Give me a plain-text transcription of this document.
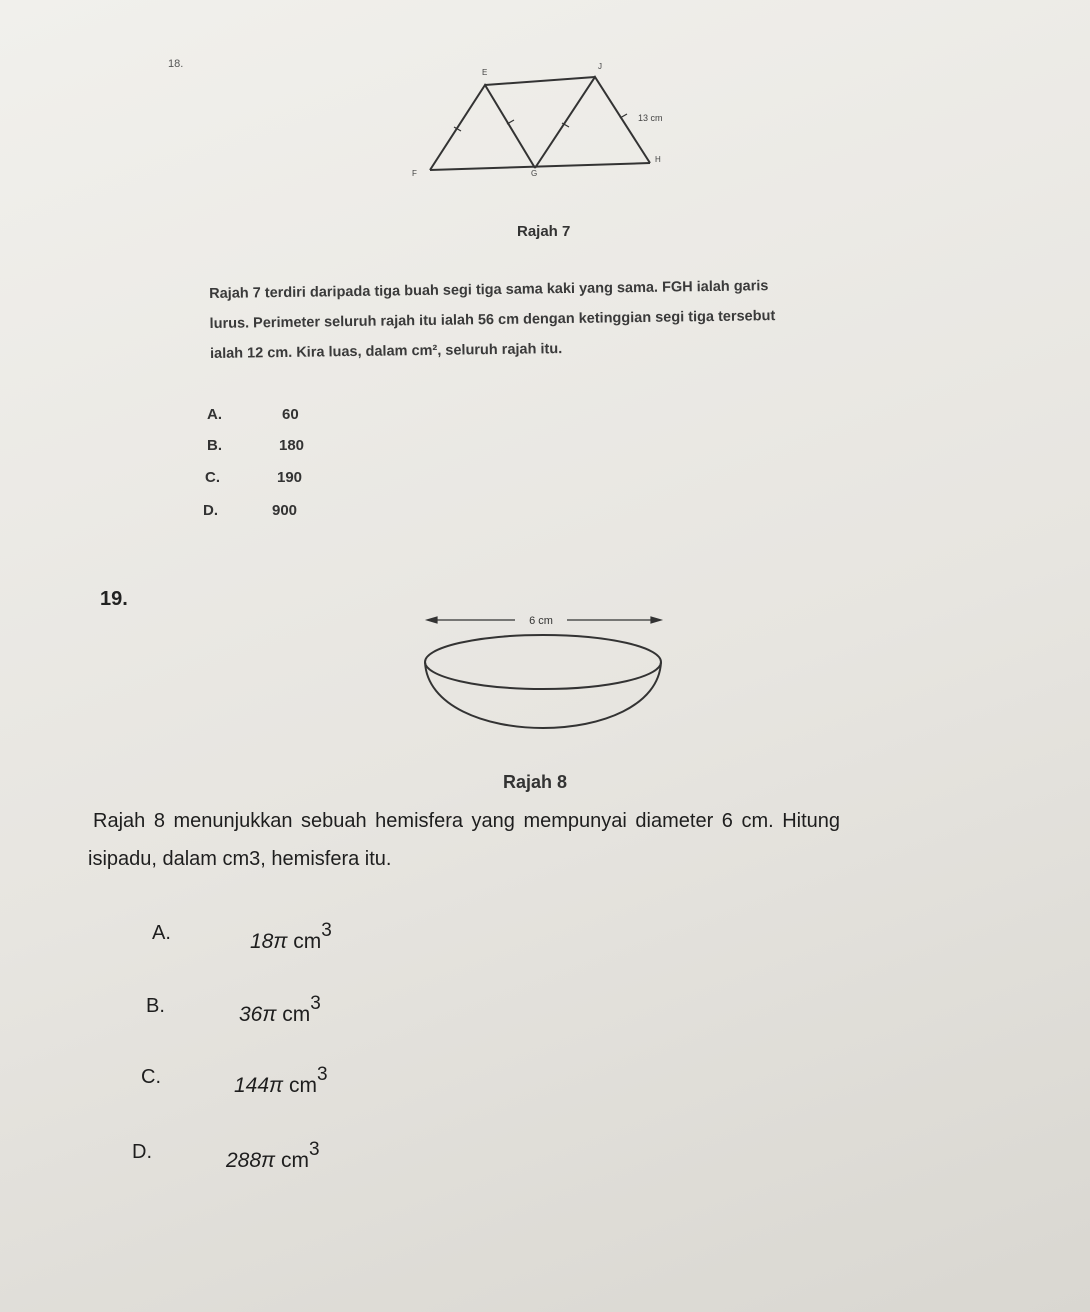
18.
E
J
F	G
H
13 cm
Rajah 7
Rajah 7 terdiri daripada tiga buah segi tiga sama kaki yang sama. FGH ialah garis
lurus. Perimeter seluruh rajah itu ialah 56 cm dengan ketinggian segi tiga tersebut
ialah 12 cm. Kira luas, dalam cm², seluruh rajah itu.
A.	60
B.	180
C.	190
D.	900
19.
6 cm
Rajah 8
Rajah 8 menunjukkan sebuah hemisfera yang mempunyai diameter 6 cm. Hitung
isipadu, dalam cm3, hemisfera itu.
A.	18π $cm^3$
B.	36π $cm^3$
C.	144π $cm^3$
D.	288π $cm^3$
